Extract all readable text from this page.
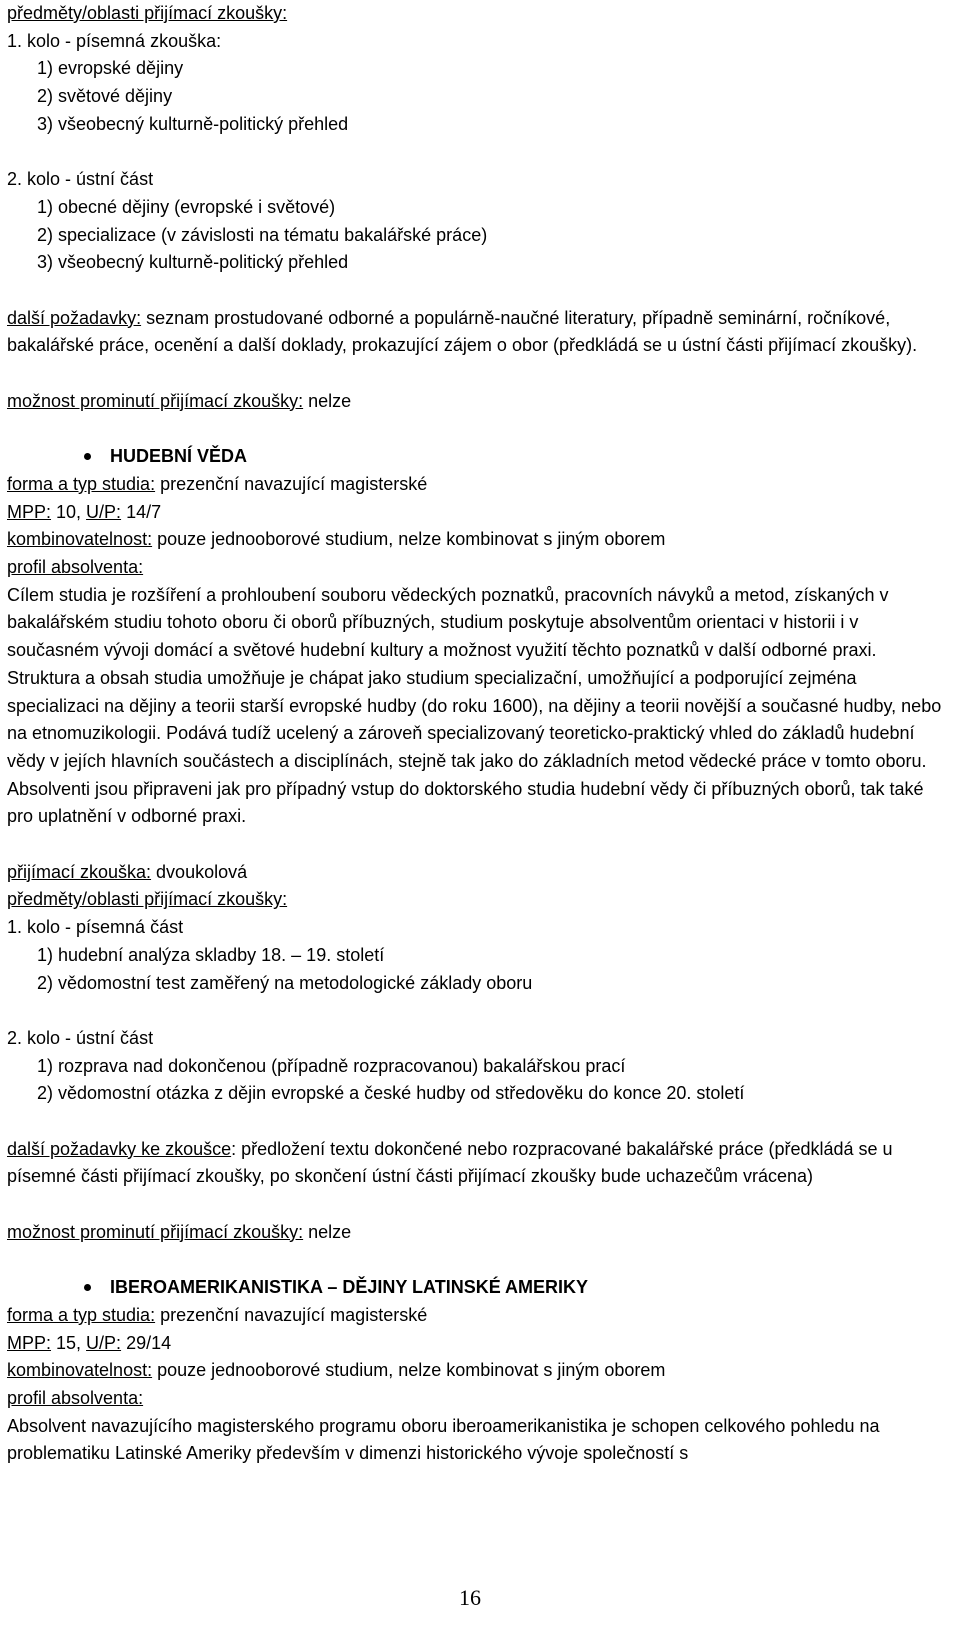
předměty/oblasti přijímací zkoušky:
1. kolo - písemná zkouška:
1) evropské dějiny
2) světové dějiny
3) všeobecný kulturně-politický přehled
2. kolo - ústní část
1) obecné dějiny (evropské i světové)
2) specializace (v závislosti na tématu bakalářské práce)
3) všeobecný kulturně-politický přehled
další požadavky: seznam prostudované odborné a populárně-naučné literatury, případně seminární, ročníkové, bakalářské práce, ocenění a další doklady, prokazující zájem o obor (předkládá se u ústní části přijímací zkoušky).
možnost prominutí přijímací zkoušky: nelze
HUDEBNÍ VĚDA
forma a typ studia: prezenční navazující magisterské
MPP: 10, U/P: 14/7
kombinovatelnost: pouze jednooborové studium, nelze kombinovat s jiným oborem
profil absolventa:
Cílem studia je rozšíření a prohloubení souboru vědeckých poznatků, pracovních návyků a metod, získaných v bakalářském studiu tohoto oboru či oborů příbuzných, studium poskytuje absolventům orientaci v historii i v současném vývoji domácí a světové hudební kultury a možnost využití těchto poznatků v další odborné praxi. Struktura a obsah studia umožňuje je chápat jako studium specializační, umožňující a podporující zejména specializaci na dějiny a teorii starší evropské hudby (do roku 1600), na dějiny a teorii novější a současné hudby, nebo na etnomuzikologii. Podává tudíž ucelený a zároveň specializovaný teoreticko-praktický vhled do základů hudební vědy v jejích hlavních součástech a disciplínách, stejně tak jako do základních metod vědecké práce v tomto oboru. Absolventi jsou připraveni jak pro případný vstup do doktorského studia hudební vědy či příbuzných oborů, tak také pro uplatnění v odborné praxi.
přijímací zkouška: dvoukolová
předměty/oblasti přijímací zkoušky:
1. kolo - písemná část
1) hudební analýza skladby 18. – 19. století
2) vědomostní test zaměřený na metodologické základy oboru
2. kolo - ústní část
1) rozprava nad dokončenou (případně rozpracovanou) bakalářskou prací
2) vědomostní otázka z dějin evropské a české hudby od středověku do konce 20. století
další požadavky ke zkoušce: předložení textu dokončené nebo rozpracované bakalářské práce (předkládá se u písemné části přijímací zkoušky, po skončení ústní části přijímací zkoušky bude uchazečům vrácena)
možnost prominutí přijímací zkoušky: nelze
IBEROAMERIKANISTIKA – DĚJINY LATINSKÉ AMERIKY
forma a typ studia: prezenční navazující magisterské
MPP: 15, U/P: 29/14
kombinovatelnost: pouze jednooborové studium, nelze kombinovat s jiným oborem
profil absolventa:
Absolvent navazujícího magisterského programu oboru iberoamerikanistika je schopen celkového pohledu na problematiku Latinské Ameriky především v dimenzi historického vývoje společností s
16
